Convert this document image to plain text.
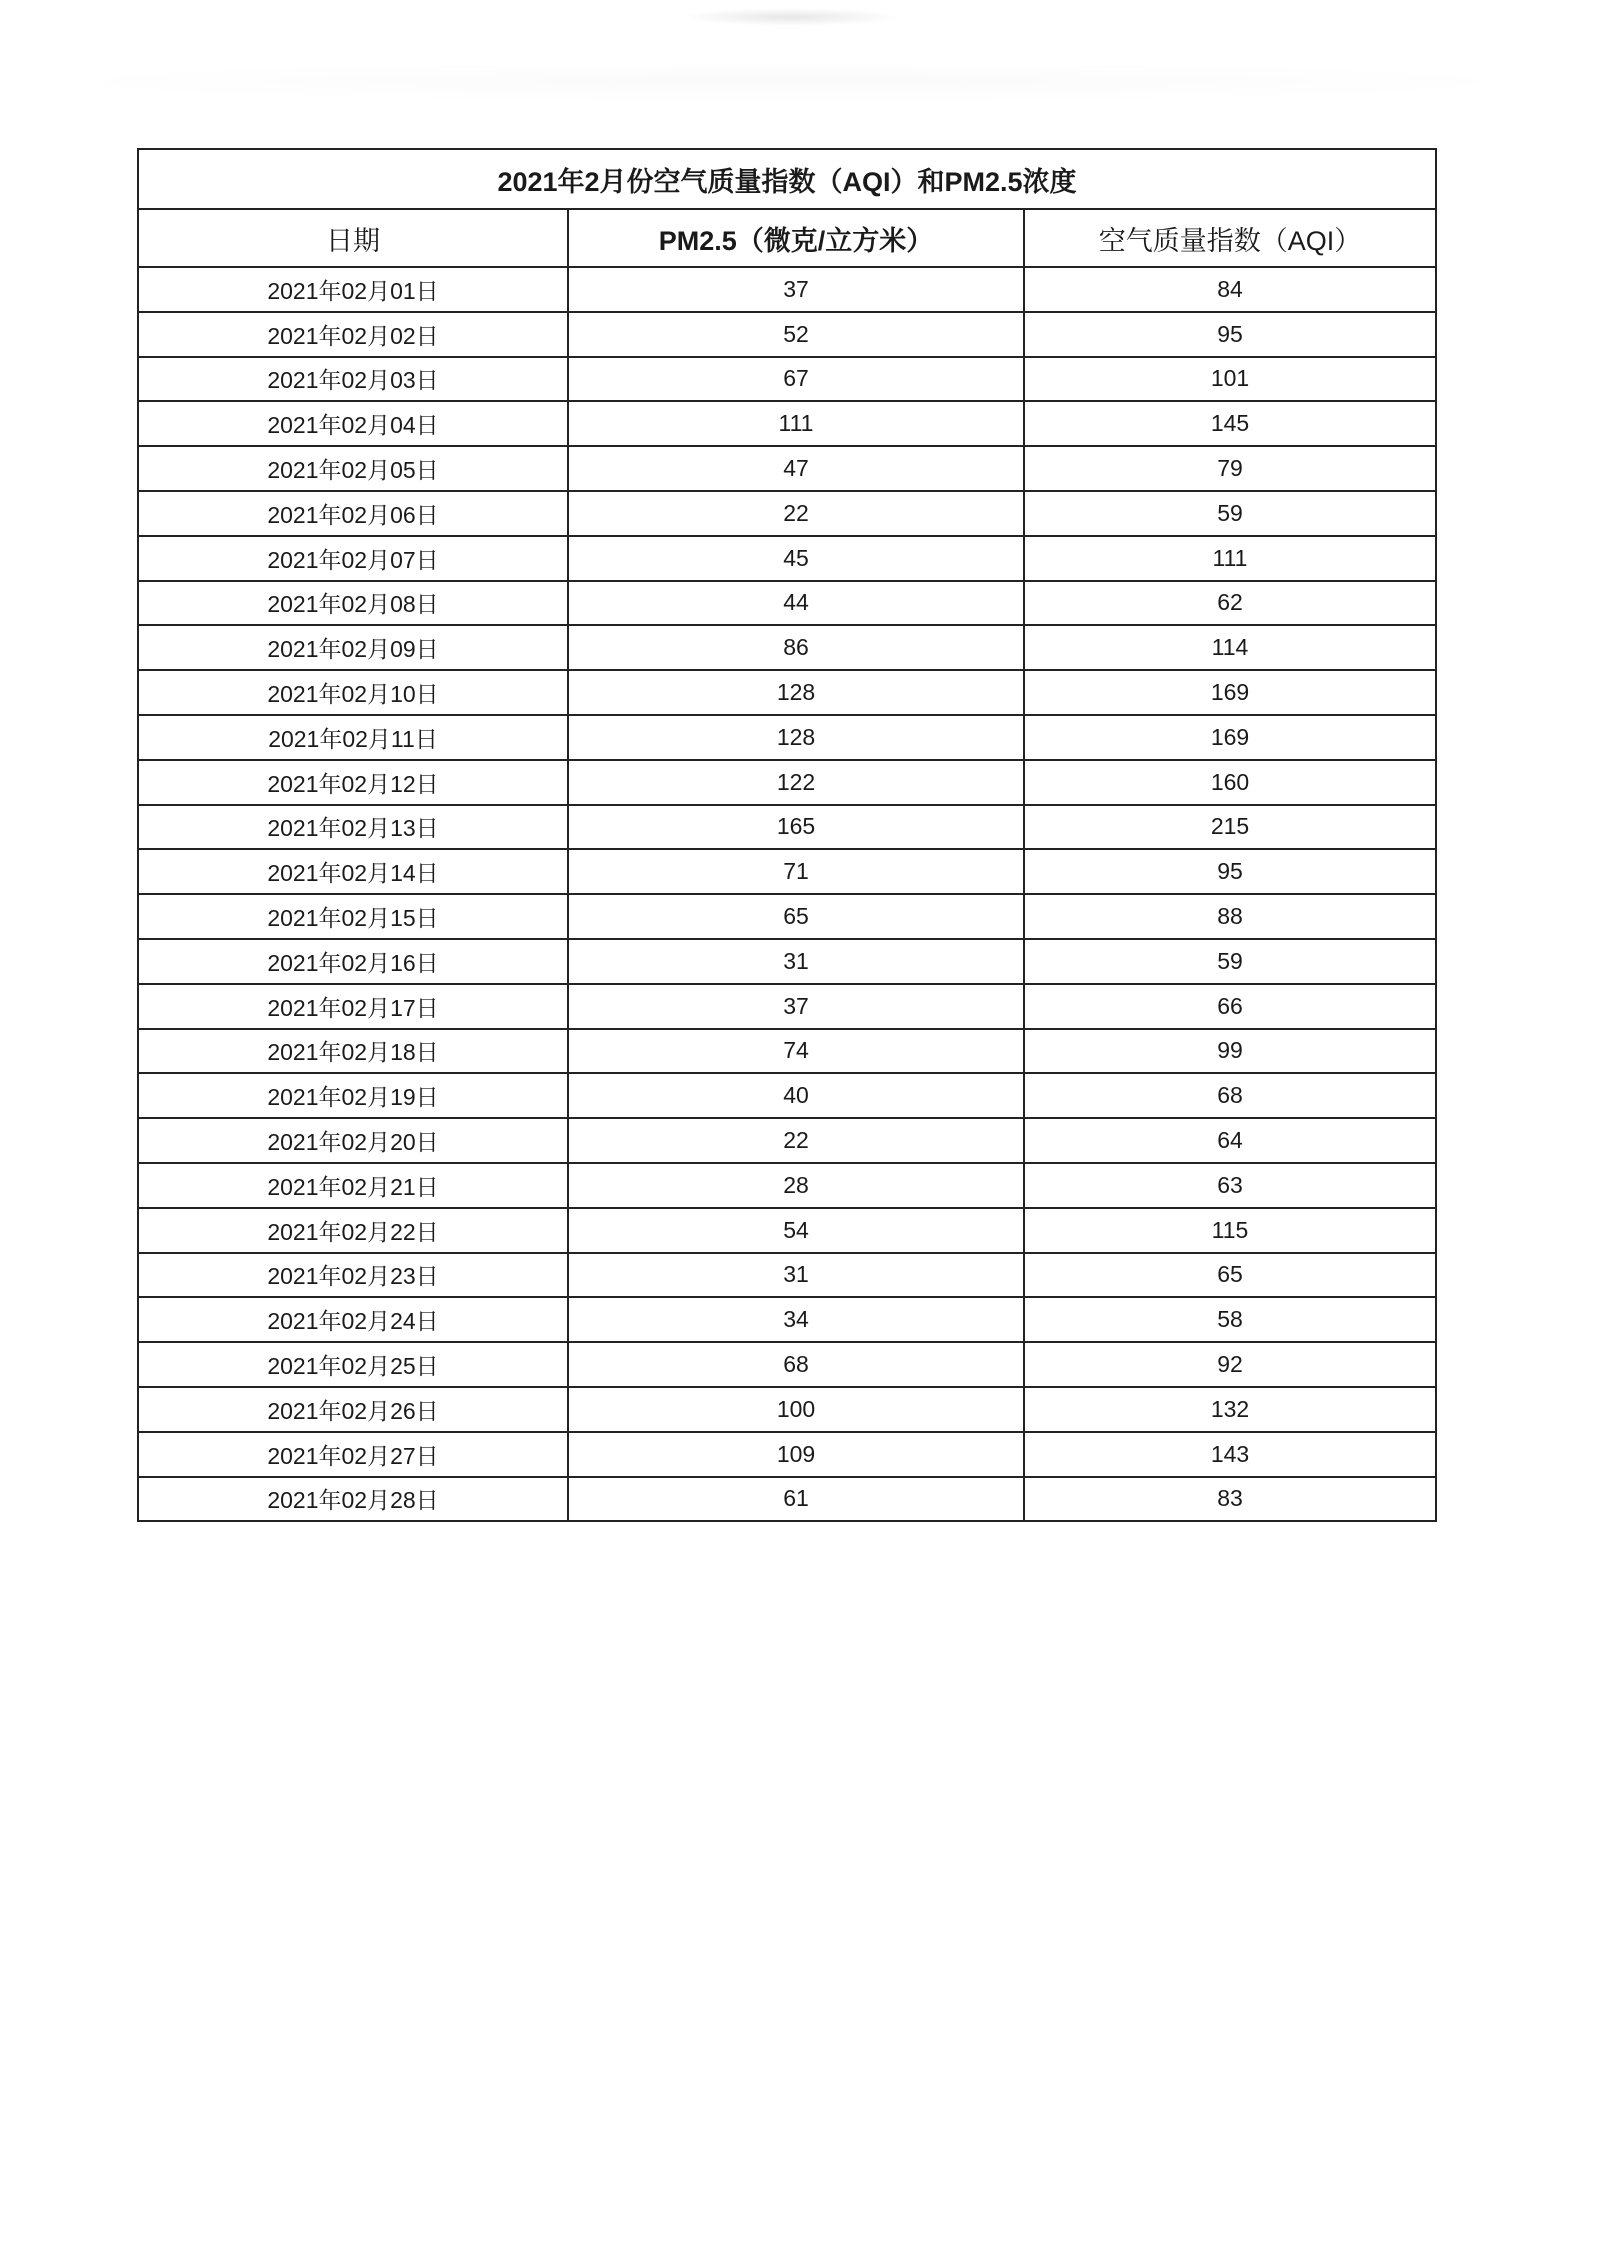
2021年2月份空气质量指数（AQI）和PM2.5浓度		
日期	PM2.5（微克/立方米）	空气质量指数（AQI）
2021年02月01日	37	84
2021年02月02日	52	95
2021年02月03日	67	101
2021年02月04日	111	145
2021年02月05日	47	79
2021年02月06日	22	59
2021年02月07日	45	111
2021年02月08日	44	62
2021年02月09日	86	114
2021年02月10日	128	169
2021年02月11日	128	169
2021年02月12日	122	160
2021年02月13日	165	215
2021年02月14日	71	95
2021年02月15日	65	88
2021年02月16日	31	59
2021年02月17日	37	66
2021年02月18日	74	99
2021年02月19日	40	68
2021年02月20日	22	64
2021年02月21日	28	63
2021年02月22日	54	115
2021年02月23日	31	65
2021年02月24日	34	58
2021年02月25日	68	92
2021年02月26日	100	132
2021年02月27日	109	143
2021年02月28日	61	83
